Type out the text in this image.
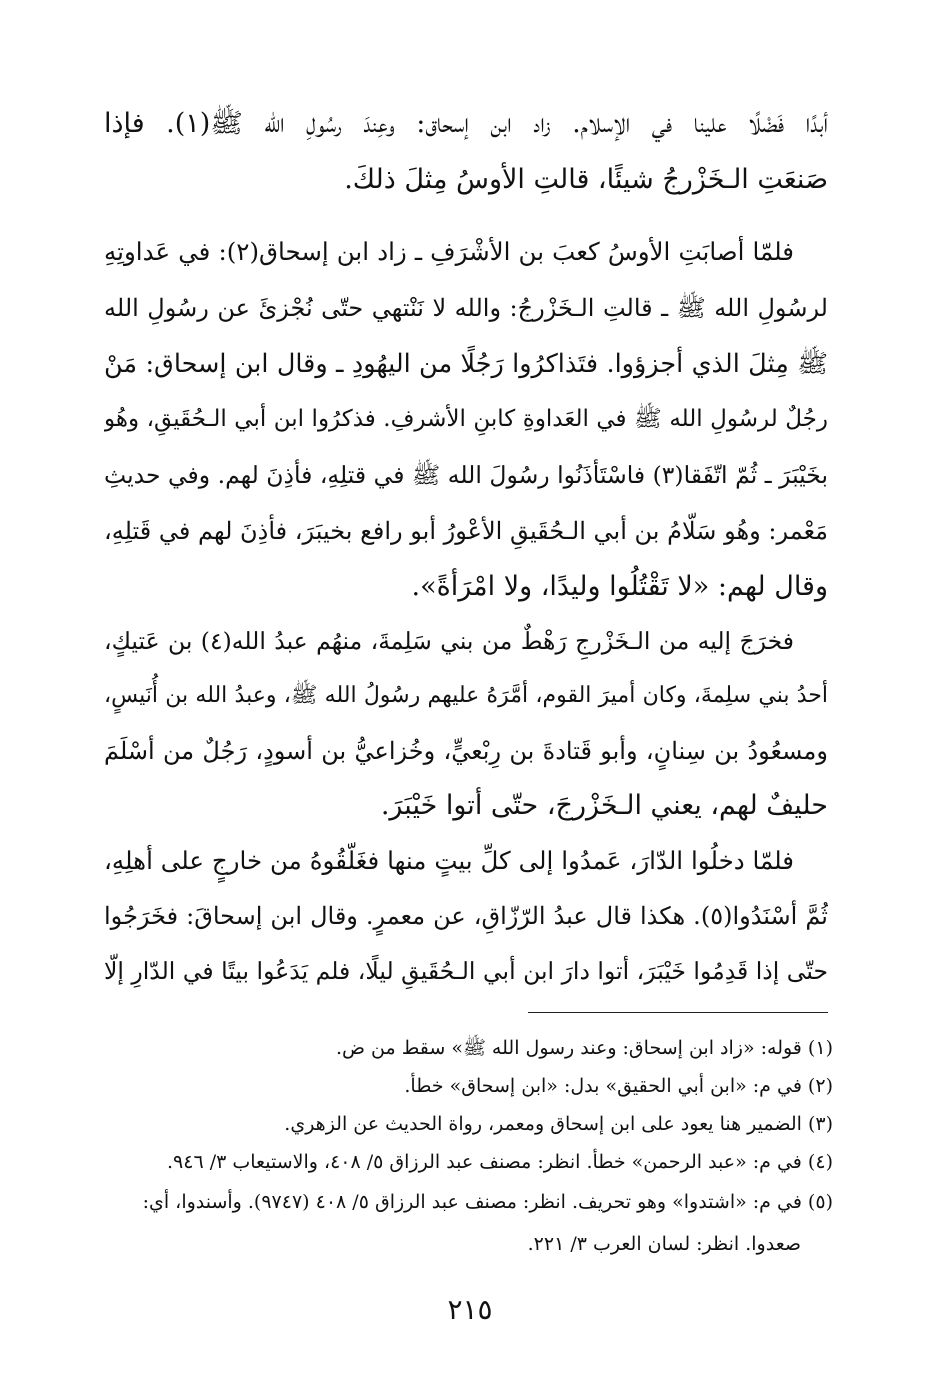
أبدًا فَضْلًا علينا في الإسلام. زاد ابن إسحاق: وعِندَ رسُولِ الله ﷺ(١). فإذا
صَنعَتِ الـخَزْرجُ شيئًا، قالتِ الأوسُ مِثلَ ذلكَ.
فلمّا أصابَتِ الأوسُ كعبَ بن الأشْرَفِ ـ زاد ابن إسحاق(٢): في عَداوتِهِ
لرسُولِ الله ﷺ ـ قالتِ الـخَزْرجُ: والله لا نَنْتهي حتّى نُجْزئَ عن رسُولِ الله
ﷺ مِثلَ الذي أجزؤوا. فتَذاكرُوا رَجُلًا من اليهُودِ ـ وقال ابن إسحاق: مَنْ
رجُلٌ لرسُولِ الله ﷺ في العَداوةِ كابنِ الأشرفِ. فذكرُوا ابن أبي الـحُقَيقِ، وهُو
بخَيْبَرَ ـ ثُمّ اتّفَقا(٣) فاسْتَأذَنُوا رسُولَ الله ﷺ في قتلِهِ، فأذِنَ لهم. وفي حديثِ
مَعْمر: وهُو سَلّامُ بن أبي الـحُقَيقِ الأعْورُ أبو رافع بخيبَرَ، فأذِنَ لهم في قَتلِهِ،
وقال لهم: «لا تَقْتُلُوا وليدًا، ولا امْرَأةً».
فخرَجَ إليه من الـخَزْرجِ رَهْطٌ من بني سَلِمةَ، منهُم عبدُ الله(٤) بن عَتيكٍ،
أحدُ بني سلِمةَ، وكان أميرَ القوم، أمَّرَهُ عليهم رسُولُ الله ﷺ، وعبدُ الله بن أُنَيسٍ،
ومسعُودُ بن سِنانٍ، وأبو قَتادةَ بن رِبْعيٍّ، وخُزاعيُّ بن أسودٍ، رَجُلٌ من أسْلَمَ
حليفٌ لهم، يعني الـخَزْرجَ، حتّى أتوا خَيْبَرَ.
فلمّا دخلُوا الدّارَ، عَمدُوا إلى كلِّ بيتٍ منها فغَلّقُوهُ من خارجٍ على أهلِهِ،
ثُمَّ أسْنَدُوا(٥). هكذا قال عبدُ الرّزّاقِ، عن معمرٍ. وقال ابن إسحاقَ: فخَرَجُوا
حتّى إذا قَدِمُوا خَيْبَرَ، أتوا دارَ ابن أبي الـحُقَيقِ ليلًا، فلم يَدَعُوا بيتًا في الدّارِ إلّا
(١) قوله: «زاد ابن إسحاق: وعند رسول الله ﷺ» سقط من ض.
(٢) في م: «ابن أبي الحقيق» بدل: «ابن إسحاق» خطأ.
(٣) الضمير هنا يعود على ابن إسحاق ومعمر، رواة الحديث عن الزهري.
(٤) في م: «عبد الرحمن» خطأ. انظر: مصنف عبد الرزاق ٥/ ٤٠٨، والاستيعاب ٣/ ٩٤٦.
(٥) في م: «اشتدوا» وهو تحريف. انظر: مصنف عبد الرزاق ٥/ ٤٠٨ (٩٧٤٧). وأسندوا، أي:
صعدوا. انظر: لسان العرب ٣/ ٢٢١.
٢١٥
